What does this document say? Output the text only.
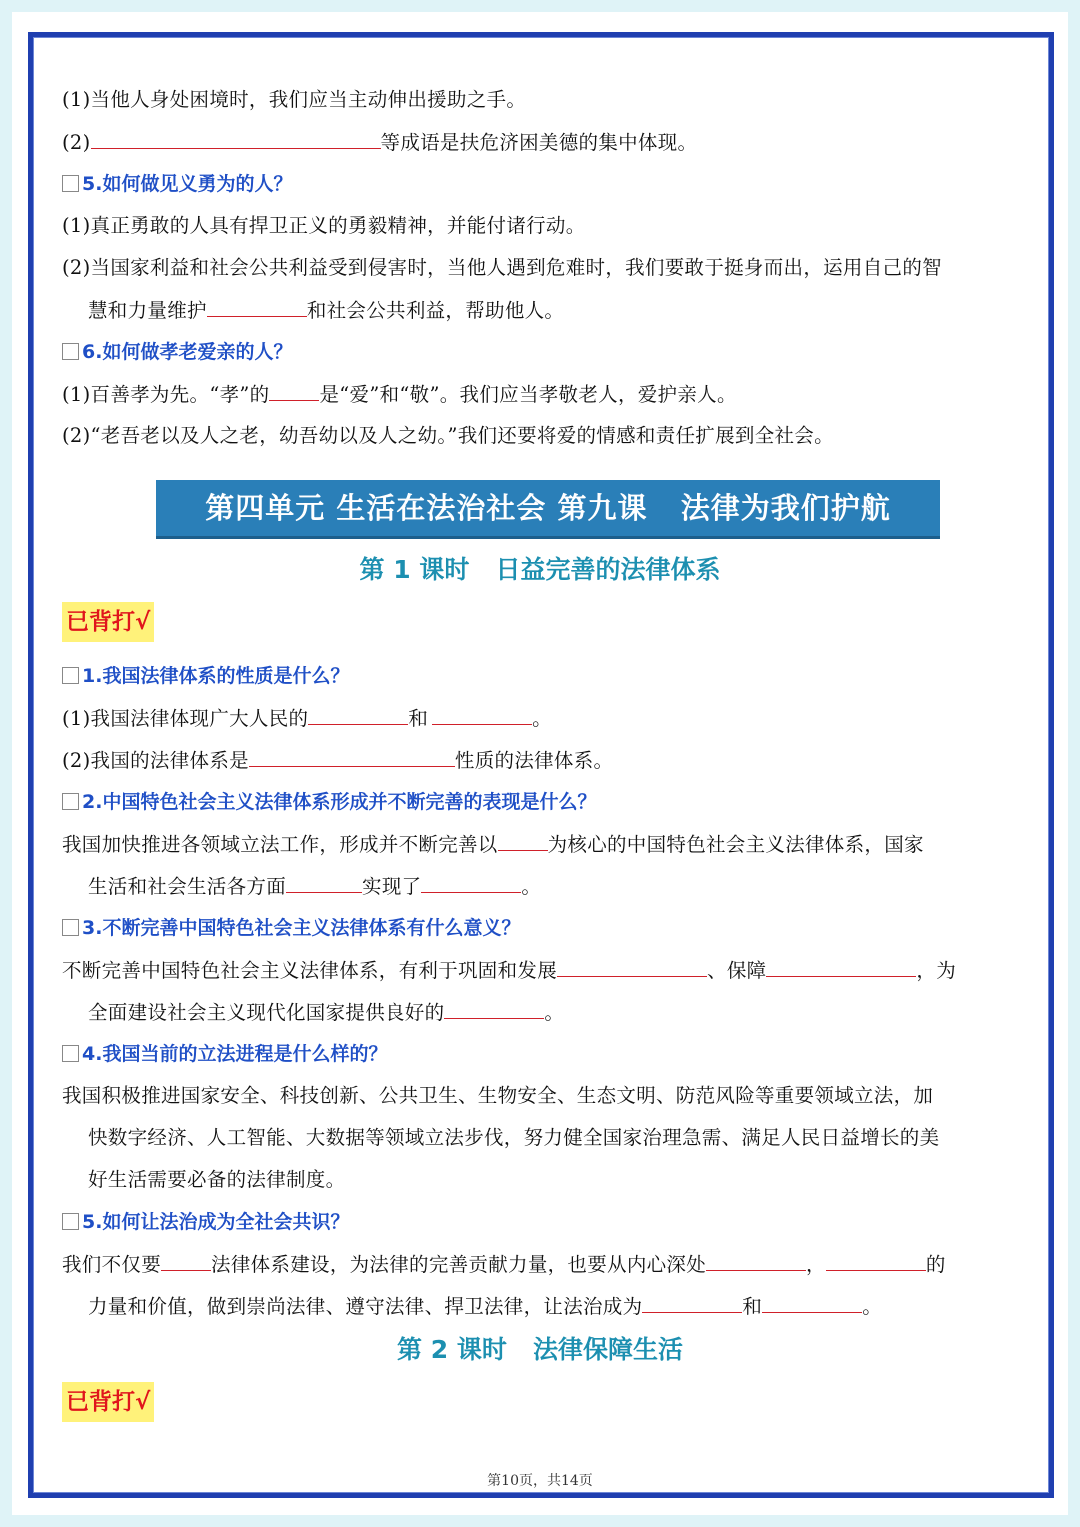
(1)当他人身处困境时，我们应当主动伸出援助之手。
(2)	等成语是扶危济困美德的集中体现。
5.如何做见义勇为的人？
(1)真正勇敢的人具有捍卫正义的勇毅精神，并能付诸行动。
(2)当国家利益和社会公共利益受到侵害时，当他人遇到危难时，我们要敢于挺身而出，运用自己的智
慧和力量维护	和社会公共利益，帮助他人。
6.如何做孝老爱亲的人？
(1)百善孝为先。“孝”的	是“爱”和“敬”。我们应当孝敬老人，爱护亲人。
(2)“老吾老以及人之老，幼吾幼以及人之幼。”我们还要将爱的情感和责任扩展到全社会。
第四单元 生活在法治社会 第九课   法律为我们护航
第 1 课时   日益完善的法律体系
已背打√
1.我国法律体系的性质是什么？
(1)我国法律体现广大人民的	和	。
(2)我国的法律体系是	性质的法律体系。
2.中国特色社会主义法律体系形成并不断完善的表现是什么？
我国加快推进各领域立法工作，形成并不断完善以	为核心的中国特色社会主义法律体系，国家
生活和社会生活各方面	实现了	。
3.不断完善中国特色社会主义法律体系有什么意义？
不断完善中国特色社会主义法律体系，有利于巩固和发展	、保障	，为
全面建设社会主义现代化国家提供良好的	。
4.我国当前的立法进程是什么样的？
我国积极推进国家安全、科技创新、公共卫生、生物安全、生态文明、防范风险等重要领域立法，加
快数字经济、人工智能、大数据等领域立法步伐，努力健全国家治理急需、满足人民日益增长的美
好生活需要必备的法律制度。
5.如何让法治成为全社会共识？
我们不仅要	法律体系建设，为法律的完善贡献力量，也要从内心深处	，	的
力量和价值，做到崇尚法律、遵守法律、捍卫法律，让法治成为	和	。
第 2 课时   法律保障生活
已背打√
第10页，共14页
